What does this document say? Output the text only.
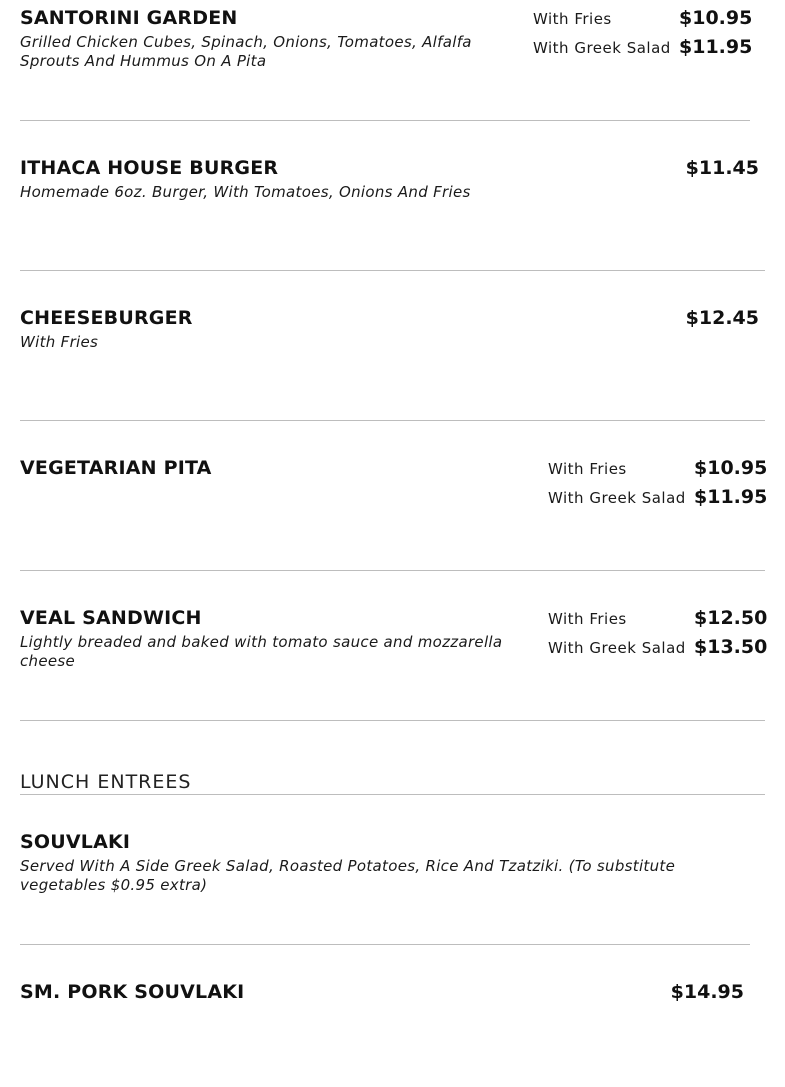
SANTORINI GARDEN
Grilled Chicken Cubes, Spinach, Onions, Tomatoes, Alfalfa Sprouts And Hummus On A Pita
With Fries	$10.95
With Greek Salad $11.95
ITHACA HOUSE BURGER
Homemade 6oz. Burger, With Tomatoes, Onions And Fries
$11.45
CHEESEBURGER
With Fries
$12.45
VEGETARIAN PITA	With Fries	$10.95
With Greek Salad $11.95
VEAL SANDWICH
Lightly breaded and baked with tomato sauce and mozzarella cheese
With Fries	$12.50
With Greek Salad $13.50
LUNCH ENTREES
SOUVLAKI
Served With A Side Greek Salad, Roasted Potatoes, Rice And Tzatziki. (To substitute vegetables $0.95 extra)
SM. PORK SOUVLAKI	$14.95
